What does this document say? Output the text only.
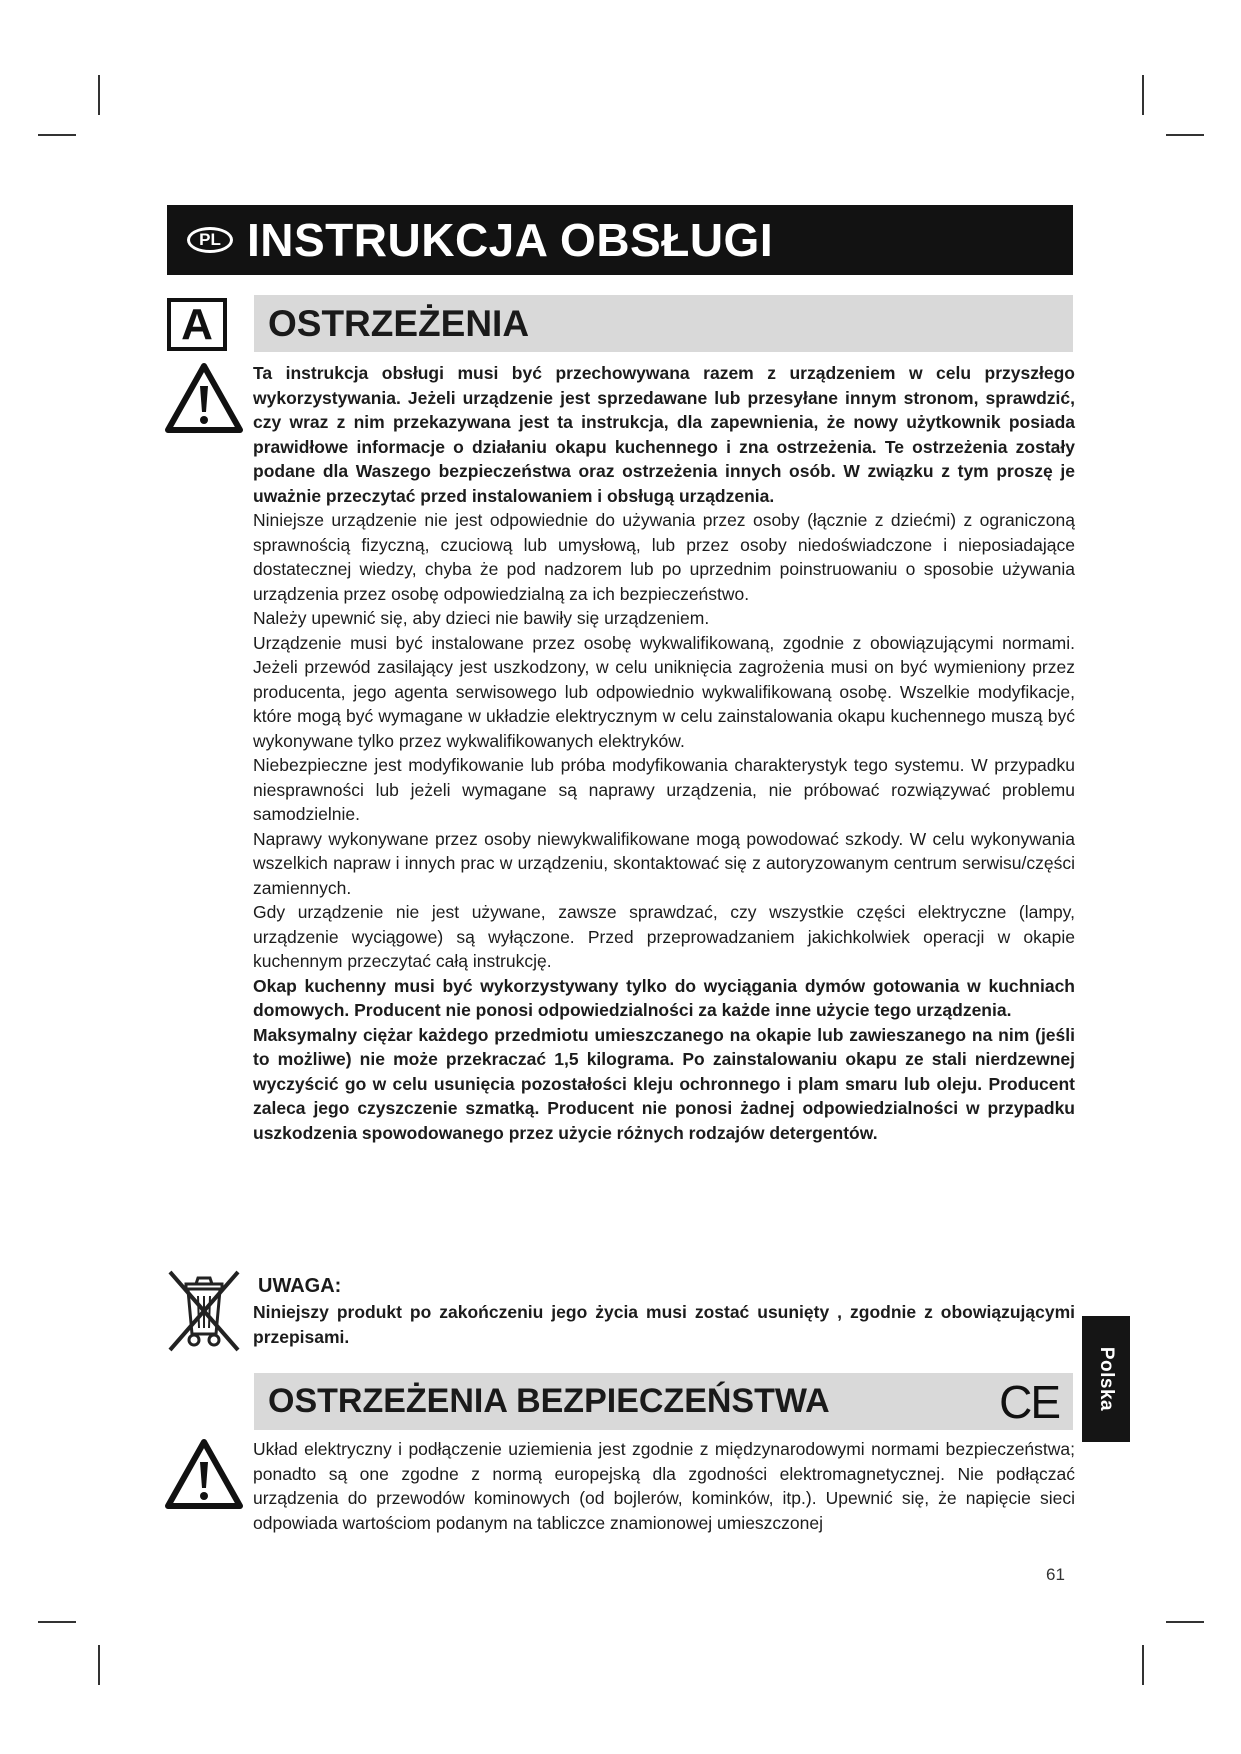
PL INSTRUKCJA OBSŁUGI
A	OSTRZEŻENIA

Ta instrukcja obsługi musi być przechowywana razem z urządzeniem w celu przyszłego wykorzystywania. Jeżeli urządzenie jest sprzedawane lub przesyłane innym stronom, sprawdzić, czy wraz z nim przekazywana jest ta instrukcja, dla zapewnienia, że nowy użytkownik posiada prawidłowe informacje o działaniu okapu kuchennego i zna ostrzeżenia. Te ostrzeżenia zostały podane dla Waszego bezpieczeństwa oraz ostrzeżenia innych osób. W związku z tym proszę je uważnie przeczytać przed instalowaniem i obsługą urządzenia.

Niniejsze urządzenie nie jest odpowiednie do używania przez osoby (łącznie z dziećmi) z ograniczoną sprawnością fizyczną, czuciową lub umysłową, lub przez osoby niedoświadczone i nieposiadające dostatecznej wiedzy, chyba że pod nadzorem lub po uprzednim poinstruowaniu o sposobie używania urządzenia przez osobę odpowiedzialną za ich bezpieczeństwo.

Należy upewnić się, aby dzieci nie bawiły się urządzeniem.

Urządzenie musi być instalowane przez osobę wykwalifikowaną, zgodnie z obowiązującymi normami. Jeżeli przewód zasilający jest uszkodzony, w celu uniknięcia zagrożenia musi on być wymieniony przez producenta, jego agenta serwisowego lub odpowiednio wykwalifikowaną osobę. Wszelkie modyfikacje, które mogą być wymagane w układzie elektrycznym w celu zainstalowania okapu kuchennego muszą być wykonywane tylko przez wykwalifikowanych elektryków.

Niebezpieczne jest modyfikowanie lub próba modyfikowania charakterystyk tego systemu. W przypadku niesprawności lub jeżeli wymagane są naprawy urządzenia, nie próbować rozwiązywać problemu samodzielnie.

Naprawy wykonywane przez osoby niewykwalifikowane mogą powodować szkody. W celu wykonywania wszelkich napraw i innych prac w urządzeniu, skontaktować się z autoryzowanym centrum serwisu/części zamiennych.

Gdy urządzenie nie jest używane, zawsze sprawdzać, czy wszystkie części elektryczne (lampy, urządzenie wyciągowe) są wyłączone. Przed przeprowadzaniem jakichkolwiek operacji w okapie kuchennym przeczytać całą instrukcję.

Okap kuchenny musi być wykorzystywany tylko do wyciągania dymów gotowania w kuchniach domowych. Producent nie ponosi odpowiedzialności za każde inne użycie tego urządzenia.

Maksymalny ciężar każdego przedmiotu umieszczanego na okapie lub zawieszanego na nim (jeśli to możliwe) nie może przekraczać 1,5 kilograma. Po zainstalowaniu okapu ze stali nierdzewnej wyczyścić go w celu usunięcia pozostałości kleju ochronnego i plam smaru lub oleju. Producent zaleca jego czyszczenie szmatką. Producent nie ponosi żadnej odpowiedzialności w przypadku uszkodzenia spowodowanego przez użycie różnych rodzajów detergentów.

UWAGA:

Niniejszy produkt po zakończeniu jego życia musi zostać usunięty , zgodnie z obowiązującymi przepisami.

OSTRZEŻENIA BEZPIECZEŃSTWA	CE

Układ elektryczny i podłączenie uziemienia jest zgodnie z międzynarodowymi normami bezpieczeństwa; ponadto są one zgodne z normą europejską dla zgodności elektromagnetycznej. Nie podłączać urządzenia do przewodów kominowych (od bojlerów, kominków, itp.). Upewnić się, że napięcie sieci odpowiada wartościom podanym na tabliczce znamionowej umieszczonej

Polska
61
